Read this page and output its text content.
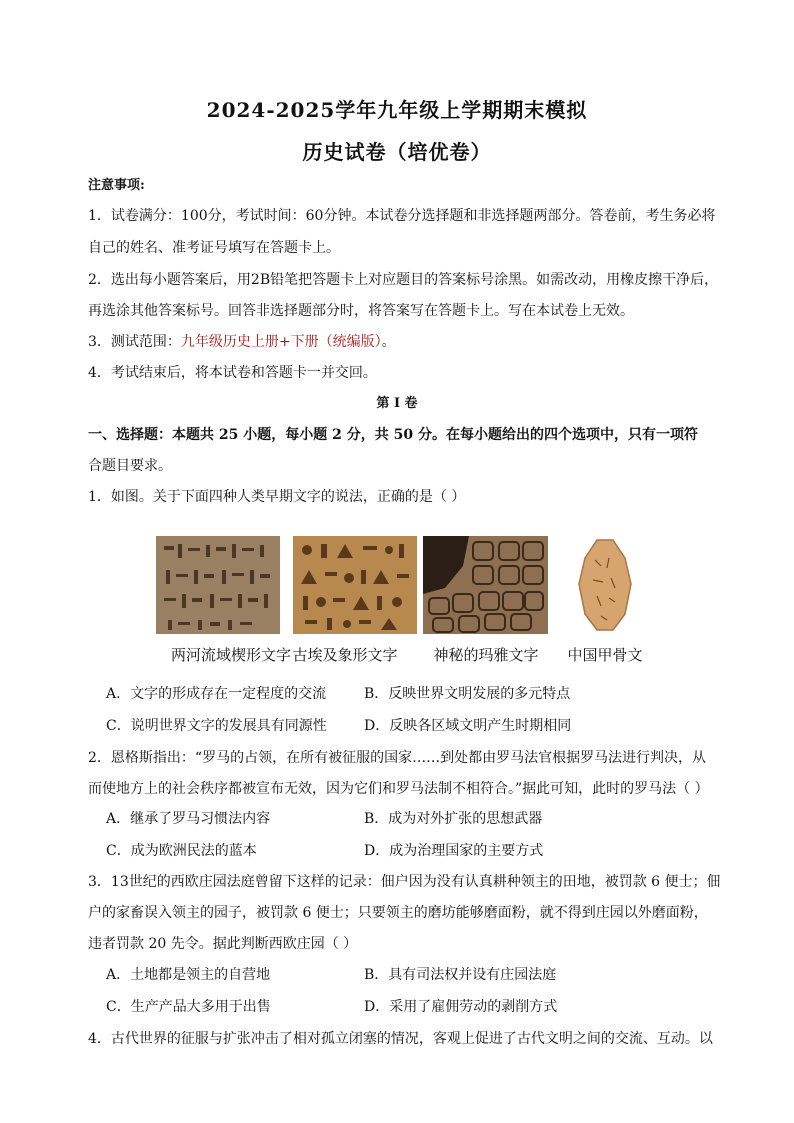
2024-2025学年九年级上学期期末模拟
历史试卷（培优卷）
注意事项:
1．试卷满分：100分，考试时间：60分钟。本试卷分选择题和非选择题两部分。答卷前，考生务必将
自己的姓名、准考证号填写在答题卡上。
2．选出每小题答案后，用2B铅笔把答题卡上对应题目的答案标号涂黑。如需改动，用橡皮擦干净后，
再选涂其他答案标号。回答非选择题部分时，将答案写在答题卡上。写在本试卷上无效。
3．测试范围：九年级历史上册+下册（统编版）。
4．考试结束后，将本试卷和答题卡一并交回。
第 I 卷
一、选择题：本题共 25 小题，每小题 2 分，共 50 分。在每小题给出的四个选项中，只有一项符
合题目要求。
1．如图。关于下面四种人类早期文字的说法，正确的是（ ）
两河流域楔形文字 古埃及象形文字 神秘的玛雅文字 中国甲骨文
A．文字的形成存在一定程度的交流	B．反映世界文明发展的多元特点
C．说明世界文字的发展具有同源性	D．反映各区域文明产生时期相同
2．恩格斯指出：“罗马的占领，在所有被征服的国家……到处都由罗马法官根据罗马法进行判决，从
而使地方上的社会秩序都被宣布无效，因为它们和罗马法制不相符合。”据此可知，此时的罗马法（ ）
A．继承了罗马习惯法内容	B．成为对外扩张的思想武器
C．成为欧洲民法的蓝本	D．成为治理国家的主要方式
3．13世纪的西欧庄园法庭曾留下这样的记录：佃户因为没有认真耕种领主的田地，被罚款 6 便士；佃
户的家畜误入领主的园子，被罚款 6 便士；只要领主的磨坊能够磨面粉，就不得到庄园以外磨面粉，
违者罚款 20 先令。据此判断西欧庄园（ ）
A．土地都是领主的自营地	B．具有司法权并设有庄园法庭
C．生产产品大多用于出售	D．采用了雇佣劳动的剥削方式
4．古代世界的征服与扩张冲击了相对孤立闭塞的情况，客观上促进了古代文明之间的交流、互动。以
